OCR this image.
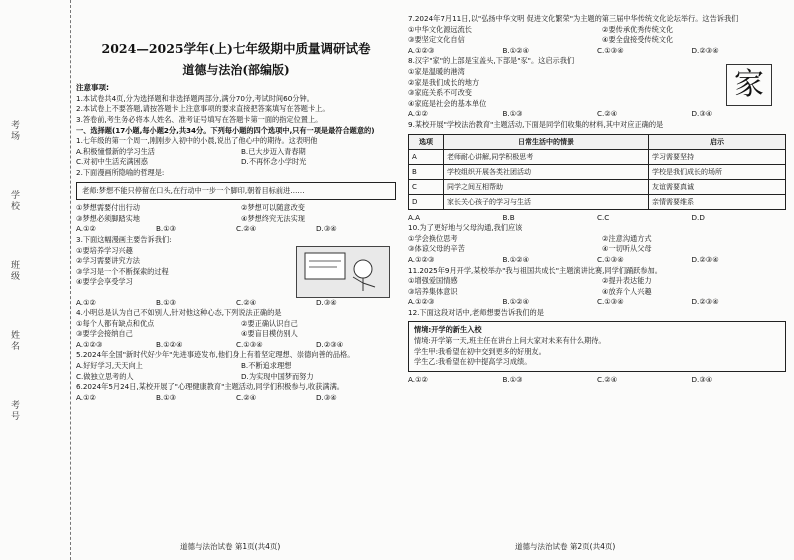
考场
学校
班级
姓名
考号
2024—2025学年(上)七年级期中质量调研试卷
道德与法治(部编版)
注意事项:
1.本试卷共4页,分为选择题和非选择题两部分,满分70分,考试时间60分钟。
2.本试卷上不要答题,请按答题卡上注意事项的要求直接把答案填写在答题卡上。
3.答卷前,考生务必将本人姓名、准考证号填写在答题卡第一面的指定位置上。
一、选择题(17小题,每小题2分,共34分。下列每小题的四个选项中,只有一项是最符合题意的)
1.七年级的第一个周一,刚刚步入初中的小晨,说出了他心中的期待。这表明他
A.积极憧憬新的学习生活	B.已大步迈入青春期
C.对初中生活充满困惑	D.不再怀念小学时光
2.下面漫画所隐喻的哲理是:
老师:梦想不能只停留在口头,在行动中一步一个脚印,朝着目标前进……
①梦想需要付出行动	②梦想可以随意改变
③梦想必须脚踏实地	④梦想终究无法实现
A.①②	B.①③	C.②④	D.③④
3.下面这幅漫画主要告诉我们:
①要培养学习兴趣
②学习需要讲究方法
③学习是一个不断探索的过程
④要学会享受学习
A.①②	B.①③	C.②④	D.③④
4.小明总是认为自己不如别人,针对他这种心态,下列说法正确的是
①每个人都有缺点和优点	②要正确认识自己
③要学会接纳自己	④要盲目模仿别人
A.①②③	B.①②④	C.①③④	D.②③④
5.2024年全国"新时代好少年"先进事迹发布,他们身上有着坚定理想、崇德向善的品格。
A.好好学习,天天向上	B.不断追求理想
C.做独立思考的人	D.为实现中国梦而努力
6.2024年5月24日,某校开展了"心理健康教育"主题活动,同学们积极参与,收获满满。
A.①②	B.①③	C.②④	D.③④
道德与法治试卷 第1页(共4页)
7.2024年7月11日,以"弘扬中华文明 促进文化繁荣"为主题的第三届中华传统文化论坛举行。这告诉我们
①中华文化源远流长	②要传承优秀传统文化
③要坚定文化自信	④要全盘接受传统文化
A.①②③	B.①②④	C.①③④	D.②③④
8.汉字"家"的上部是宝盖头,下部是"豕"。这启示我们
①家是温暖的港湾
②家是我们成长的地方
③家庭关系不可改变
④家庭是社会的基本单位
家
A.①②	B.①③	C.②④	D.③④
9.某校开展"学校法治教育"主题活动,下面是同学们收集的材料,其中对应正确的是
选项	日常生活中的情景	启示
A	老师耐心讲解,同学积极思考	学习需要坚持
B	学校组织开展各类社团活动	学校是我们成长的场所
C	同学之间互相帮助	友谊需要真诚
D	家长关心孩子的学习与生活	亲情需要维系
A.A	B.B	C.C	D.D
10.为了更好地与父母沟通,我们应该
①学会换位思考	②注意沟通方式
③体谅父母的辛苦	④一切听从父母
A.①②③	B.①②④	C.①③④	D.②③④
11.2025年9月开学,某校举办"我与祖国共成长"主题演讲比赛,同学们踊跃参加。
①增强爱国情感	②提升表达能力
③培养集体意识	④放弃个人兴趣
A.①②③	B.①②④	C.①③④	D.②③④
12.下面这段对话中,老师想要告诉我们的是
情境:开学的新生入校
情境:开学第一天,班主任在讲台上问大家对未来有什么期待。
学生甲:我希望在初中交到更多的好朋友。
学生乙:我希望在初中提高学习成绩。
A.①②	B.①③	C.②④	D.③④
道德与法治试卷 第2页(共4页)
